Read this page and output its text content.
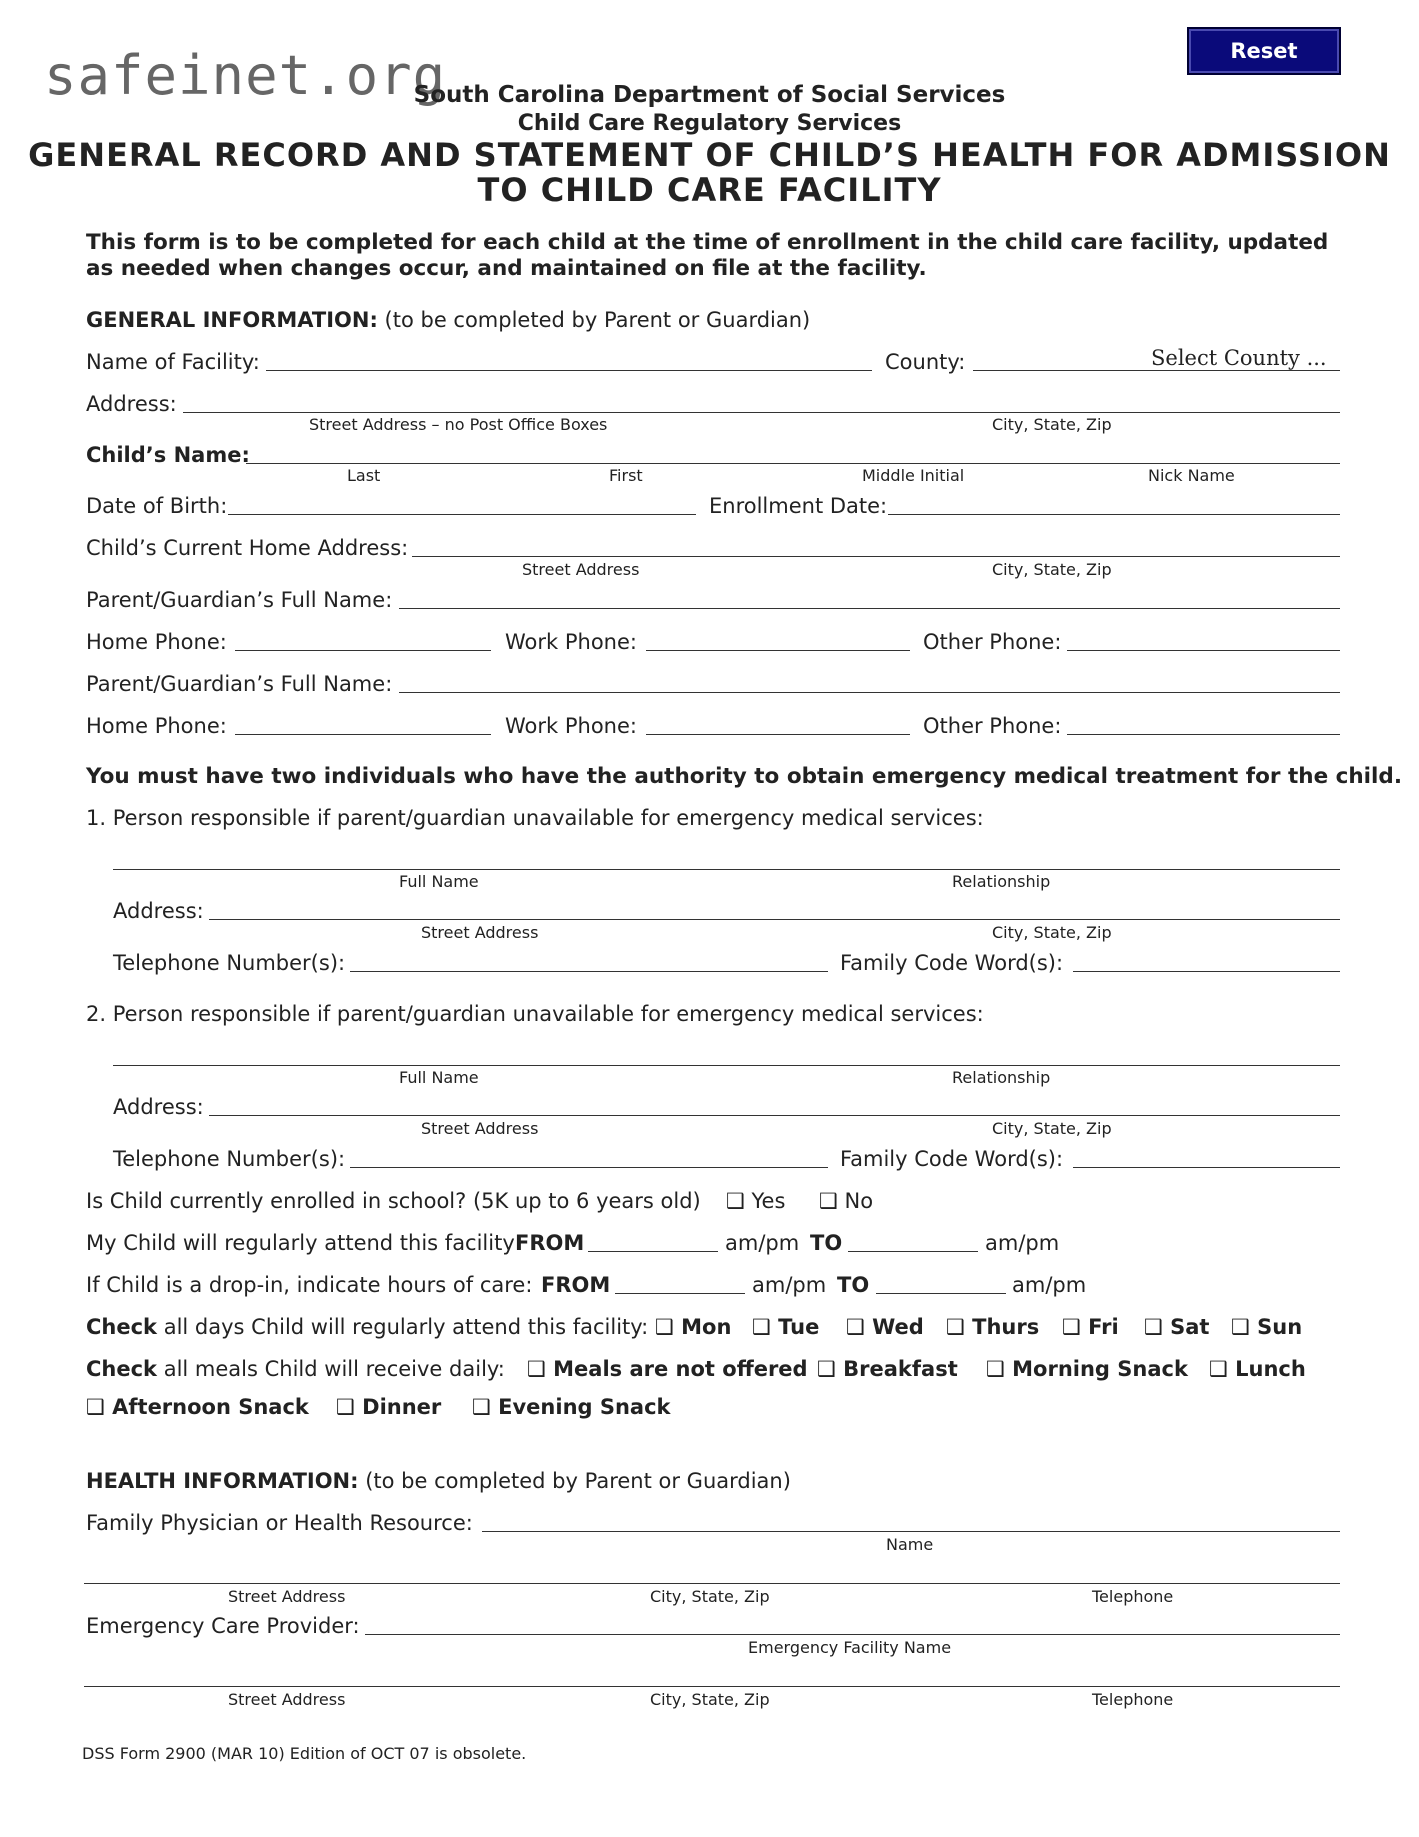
safeinet.org	Reset
South Carolina Department of Social Services
Child Care Regulatory Services
GENERAL RECORD AND STATEMENT OF CHILD’S HEALTH FOR ADMISSION
TO CHILD CARE FACILITY
This form is to be completed for each child at the time of enrollment in the child care facility, updated as needed when changes occur, and maintained on file at the facility.
GENERAL INFORMATION: (to be completed by Parent or Guardian)
Name of Facility:	County:	Select County ...
Address:
Street Address – no Post Office Boxes	City, State, Zip
Child’s Name:
Last	First	Middle Initial	Nick Name
Date of Birth:	Enrollment Date:
Child’s Current Home Address:
Street Address	City, State, Zip
Parent/Guardian’s Full Name:
Home Phone:	Work Phone:	Other Phone:
Parent/Guardian’s Full Name:
Home Phone:	Work Phone:	Other Phone:
You must have two individuals who have the authority to obtain emergency medical treatment for the child.
1. Person responsible if parent/guardian unavailable for emergency medical services:
Full Name	Relationship
Address:
Street Address	City, State, Zip
Telephone Number(s):	Family Code Word(s):
2. Person responsible if parent/guardian unavailable for emergency medical services:
Full Name	Relationship
Address:
Street Address	City, State, Zip
Telephone Number(s):	Family Code Word(s):
Is Child currently enrolled in school? (5K up to 6 years old) ❑ Yes ❑ No
My Child will regularly attend this facility FROM	am/pm TO	am/pm
If Child is a drop-in, indicate hours of care: FROM	am/pm TO	am/pm
Check all days Child will regularly attend this facility: ❑ Mon ❑ Tue ❑ Wed ❑ Thurs ❑ Fri ❑ Sat ❑ Sun
Check all meals Child will receive daily: ❑ Meals are not offered ❑ Breakfast ❑ Morning Snack ❑ Lunch
❑ Afternoon Snack ❑ Dinner ❑ Evening Snack
HEALTH INFORMATION: (to be completed by Parent or Guardian)
Family Physician or Health Resource:
Name
Street Address	City, State, Zip	Telephone
Emergency Care Provider:
Emergency Facility Name
Street Address	City, State, Zip	Telephone
DSS Form 2900 (MAR 10) Edition of OCT 07 is obsolete.
